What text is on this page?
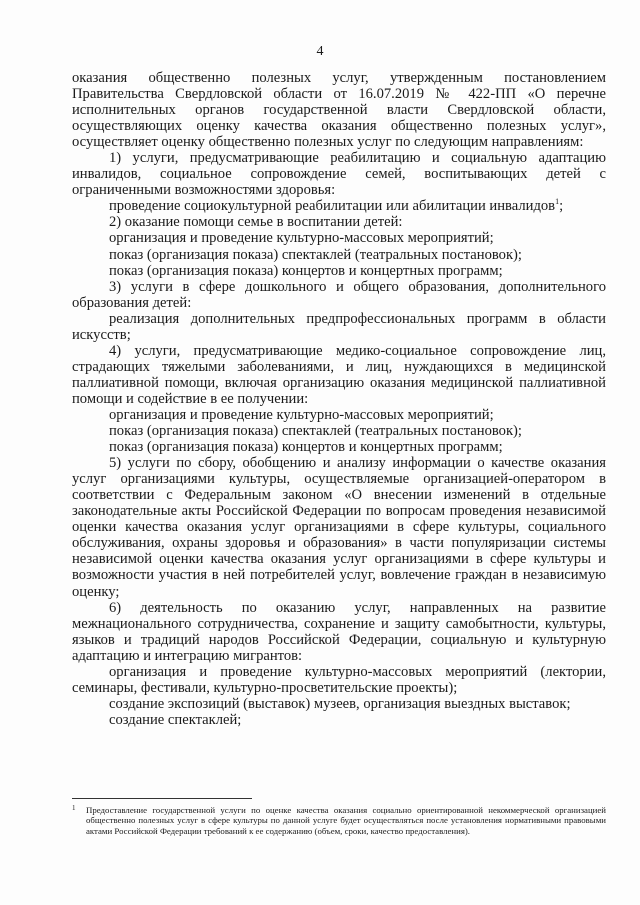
4

оказания общественно полезных услуг, утвержденным постановлением Правительства Свердловской области от 16.07.2019 № 422-ПП «О перечне исполнительных органов государственной власти Свердловской области, осуществляющих оценку качества оказания общественно полезных услуг», осуществляет оценку общественно полезных услуг по следующим направлениям:

1) услуги, предусматривающие реабилитацию и социальную адаптацию инвалидов, социальное сопровождение семей, воспитывающих детей с ограниченными возможностями здоровья:

проведение социокультурной реабилитации или абилитации инвалидов$^1$;

2) оказание помощи семье в воспитании детей:

организация и проведение культурно-массовых мероприятий;

показ (организация показа) спектаклей (театральных постановок);

показ (организация показа) концертов и концертных программ;

3) услуги в сфере дошкольного и общего образования, дополнительного образования детей:

реализация дополнительных предпрофессиональных программ в области искусств;

4) услуги, предусматривающие медико-социальное сопровождение лиц, страдающих тяжелыми заболеваниями, и лиц, нуждающихся в медицинской паллиативной помощи, включая организацию оказания медицинской паллиативной помощи и содействие в ее получении:

организация и проведение культурно-массовых мероприятий;

показ (организация показа) спектаклей (театральных постановок);

показ (организация показа) концертов и концертных программ;

5) услуги по сбору, обобщению и анализу информации о качестве оказания услуг организациями культуры, осуществляемые организацией-оператором в соответствии с Федеральным законом «О внесении изменений в отдельные законодательные акты Российской Федерации по вопросам проведения независимой оценки качества оказания услуг организациями в сфере культуры, социального обслуживания, охраны здоровья и образования» в части популяризации системы независимой оценки качества оказания услуг организациями в сфере культуры и возможности участия в ней потребителей услуг, вовлечение граждан в независимую оценку;

6) деятельность по оказанию услуг, направленных на развитие межнационального сотрудничества, сохранение и защиту самобытности, культуры, языков и традиций народов Российской Федерации, социальную и культурную адаптацию и интеграцию мигрантов:

организация и проведение культурно-массовых мероприятий (лектории, семинары, фестивали, культурно-просветительские проекты);

создание экспозиций (выставок) музеев, организация выездных выставок;

создание спектаклей;

1	Предоставление государственной услуги по оценке качества оказания социально ориентированной некоммерческой организацией общественно полезных услуг в сфере культуры по данной услуге будет осуществляться после установления нормативными правовыми актами Российской Федерации требований к ее содержанию (объем, сроки, качество предоставления).
